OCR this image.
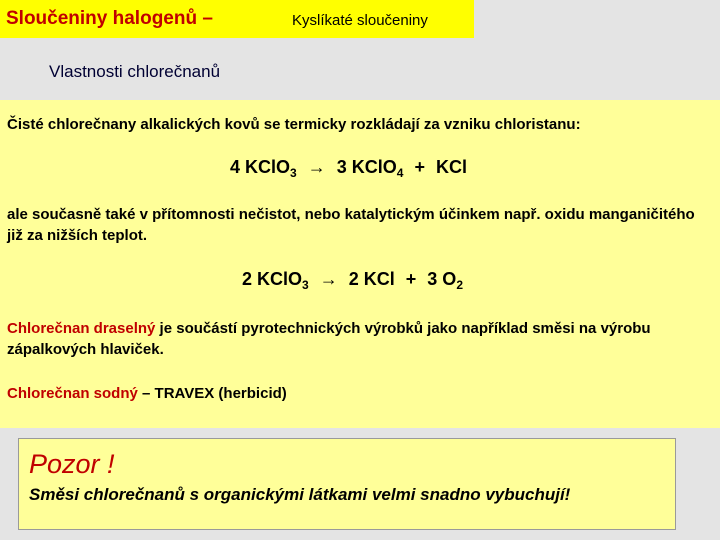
Sloučeniny halogenů –	Kyslíkaté sloučeniny
Vlastnosti chlorečnanů
Čisté chlorečnany alkalických kovů se termicky rozkládají za vzniku chloristanu:
4 KClO$_3$ → 3 KClO$_4$ + KCl
ale současně také v přítomnosti nečistot, nebo katalytickým účinkem např. oxidu manganičitého již za nižších teplot.
2 KClO$_3$ → 2 KCl + 3 $O_2$
Chlorečnan draselný je součástí pyrotechnických výrobků jako například směsi na výrobu zápalkových hlaviček.
Chlorečnan sodný – TRAVEX (herbicid)
Pozor !
Směsi chlorečnanů s organickými látkami velmi snadno vybuchují!
